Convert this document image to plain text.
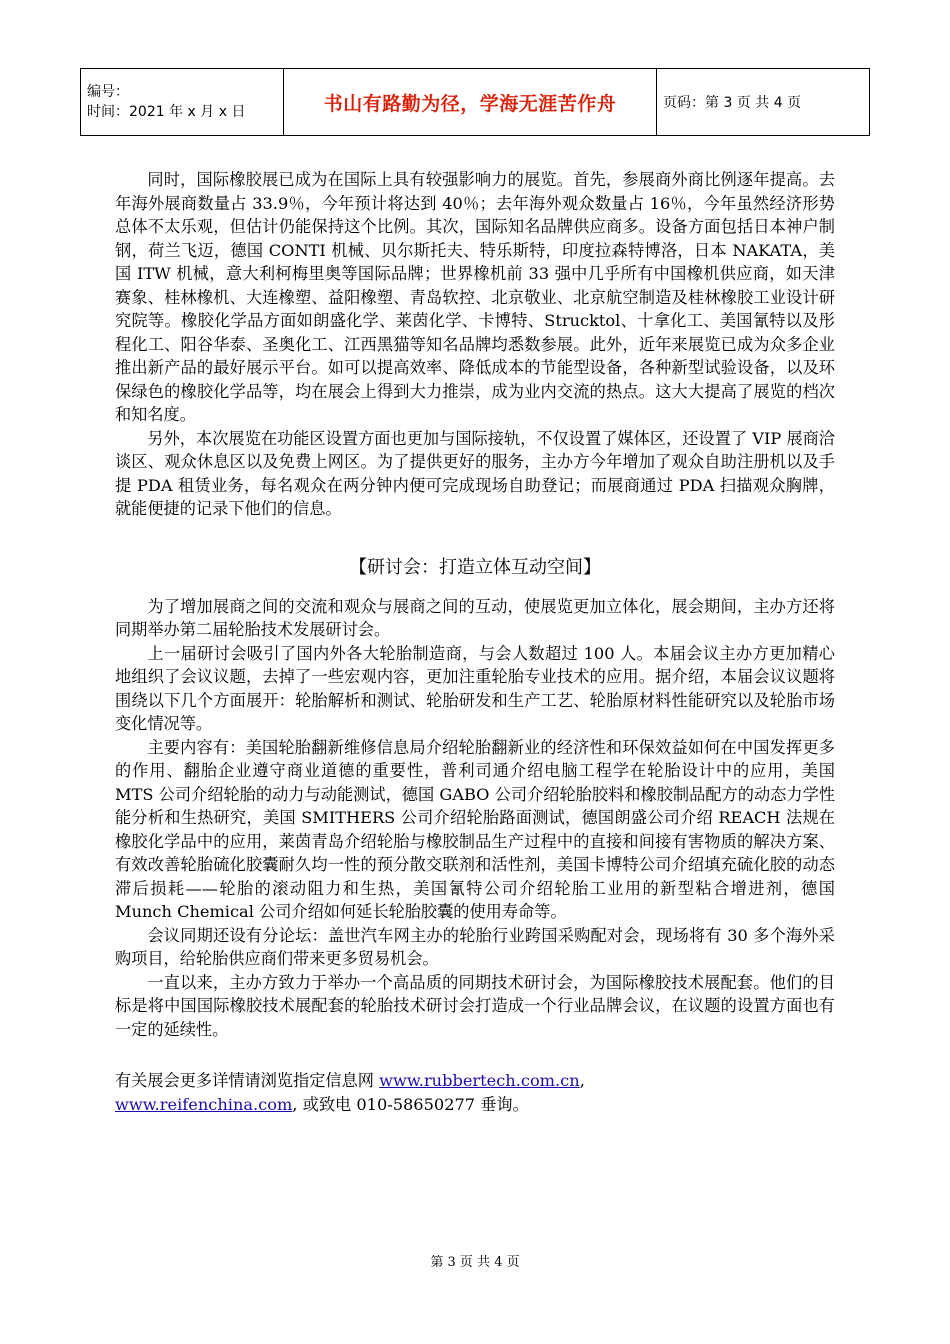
编号：
时间：2021 年 x 月 x 日	书山有路勤为径，学海无涯苦作舟	页码：第 3 页 共 4 页

同时，国际橡胶展已成为在国际上具有较强影响力的展览。首先，参展商外商比例逐年提高。去年海外展商数量占 33.9％，今年预计将达到 40％；去年海外观众数量占 16％，今年虽然经济形势总体不太乐观，但估计仍能保持这个比例。其次，国际知名品牌供应商多。设备方面包括日本神户制钢，荷兰飞迈，德国 CONTI 机械、贝尔斯托夫、特乐斯特，印度拉森特博洛，日本 NAKATA，美国 ITW 机械，意大利柯梅里奥等国际品牌；世界橡机前 33 强中几乎所有中国橡机供应商，如天津赛象、桂林橡机、大连橡塑、益阳橡塑、青岛软控、北京敬业、北京航空制造及桂林橡胶工业设计研究院等。橡胶化学品方面如朗盛化学、莱茵化学、卡博特、Strucktol、十拿化工、美国氰特以及彤程化工、阳谷华泰、圣奥化工、江西黑猫等知名品牌均悉数参展。此外，近年来展览已成为众多企业推出新产品的最好展示平台。如可以提高效率、降低成本的节能型设备，各种新型试验设备，以及环保绿色的橡胶化学品等，均在展会上得到大力推崇，成为业内交流的热点。这大大提高了展览的档次和知名度。

另外，本次展览在功能区设置方面也更加与国际接轨，不仅设置了媒体区，还设置了 VIP 展商洽谈区、观众休息区以及免费上网区。为了提供更好的服务，主办方今年增加了观众自助注册机以及手提 PDA 租赁业务，每名观众在两分钟内便可完成现场自助登记；而展商通过 PDA 扫描观众胸牌，就能便捷的记录下他们的信息。

【研讨会：打造立体互动空间】

为了增加展商之间的交流和观众与展商之间的互动，使展览更加立体化，展会期间，主办方还将同期举办第二届轮胎技术发展研讨会。

上一届研讨会吸引了国内外各大轮胎制造商，与会人数超过 100 人。本届会议主办方更加精心地组织了会议议题，去掉了一些宏观内容，更加注重轮胎专业技术的应用。据介绍，本届会议议题将围绕以下几个方面展开：轮胎解析和测试、轮胎研发和生产工艺、轮胎原材料性能研究以及轮胎市场变化情况等。

主要内容有：美国轮胎翻新维修信息局介绍轮胎翻新业的经济性和环保效益如何在中国发挥更多的作用、翻胎企业遵守商业道德的重要性，普利司通介绍电脑工程学在轮胎设计中的应用，美国 MTS 公司介绍轮胎的动力与动能测试，德国 GABO 公司介绍轮胎胶料和橡胶制品配方的动态力学性能分析和生热研究，美国 SMITHERS 公司介绍轮胎路面测试，德国朗盛公司介绍 REACH 法规在橡胶化学品中的应用，莱茵青岛介绍轮胎与橡胶制品生产过程中的直接和间接有害物质的解决方案、有效改善轮胎硫化胶囊耐久均一性的预分散交联剂和活性剂，美国卡博特公司介绍填充硫化胶的动态滞后损耗——轮胎的滚动阻力和生热，美国氰特公司介绍轮胎工业用的新型粘合增进剂，德国 Munch Chemical 公司介绍如何延长轮胎胶囊的使用寿命等。

会议同期还设有分论坛：盖世汽车网主办的轮胎行业跨国采购配对会，现场将有 30 多个海外采购项目，给轮胎供应商们带来更多贸易机会。

一直以来，主办方致力于举办一个高品质的同期技术研讨会，为国际橡胶技术展配套。他们的目标是将中国国际橡胶技术展配套的轮胎技术研讨会打造成一个行业品牌会议，在议题的设置方面也有一定的延续性。

有关展会更多详情请浏览指定信息网 www.rubbertech.com.cn,

www.reifenchina.com, 或致电 010-58650277 垂询。

第 3 页 共 4 页
